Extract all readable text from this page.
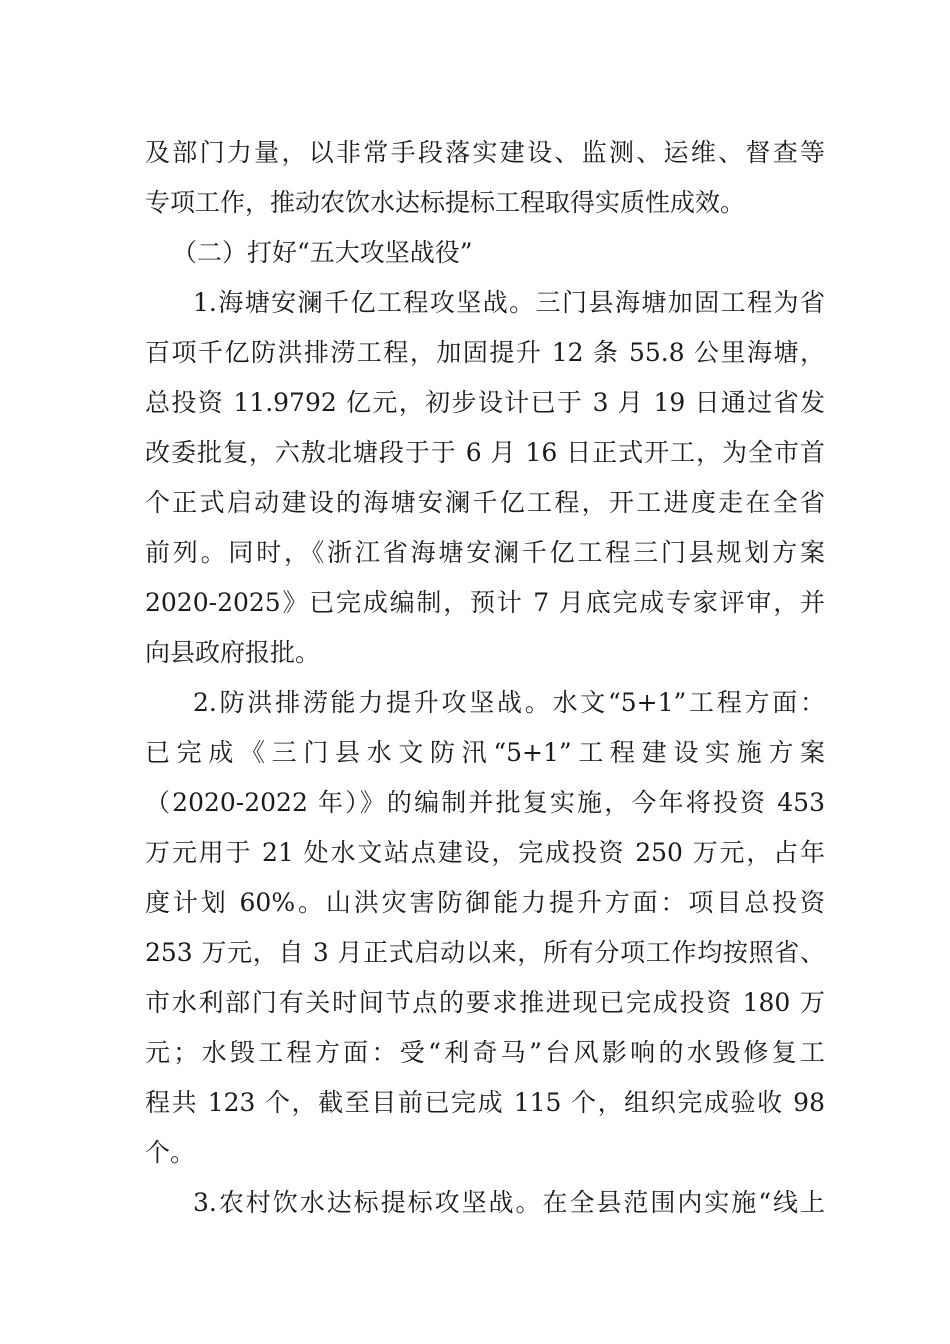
及部门力量，以非常手段落实建设、监测、运维、督查等
专项工作，推动农饮水达标提标工程取得实质性成效。
（二）打好“五大攻坚战役”
1.海塘安澜千亿工程攻坚战。三门县海塘加固工程为省
百项千亿防洪排涝工程，加固提升 12 条 55.8 公里海塘，
总投资 11.9792 亿元，初步设计已于 3 月 19 日通过省发
改委批复，六敖北塘段于于 6 月 16 日正式开工，为全市首
个正式启动建设的海塘安澜千亿工程，开工进度走在全省
前列。同时，《浙江省海塘安澜千亿工程三门县规划方案
2020-2025》已完成编制，预计 7 月底完成专家评审，并
向县政府报批。
2.防洪排涝能力提升攻坚战。水文“5+1”工程方面：
已完成《三门县水文防汛“5+1”工程建设实施方案
（2020-2022 年）》的编制并批复实施，今年将投资 453
万元用于 21 处水文站点建设，完成投资 250 万元，占年
度计划 60%。山洪灾害防御能力提升方面：项目总投资
253 万元，自 3 月正式启动以来，所有分项工作均按照省、
市水利部门有关时间节点的要求推进现已完成投资 180 万
元；水毁工程方面：受“利奇马”台风影响的水毁修复工
程共 123 个，截至目前已完成 115 个，组织完成验收 98
个。
3.农村饮水达标提标攻坚战。在全县范围内实施“线上
